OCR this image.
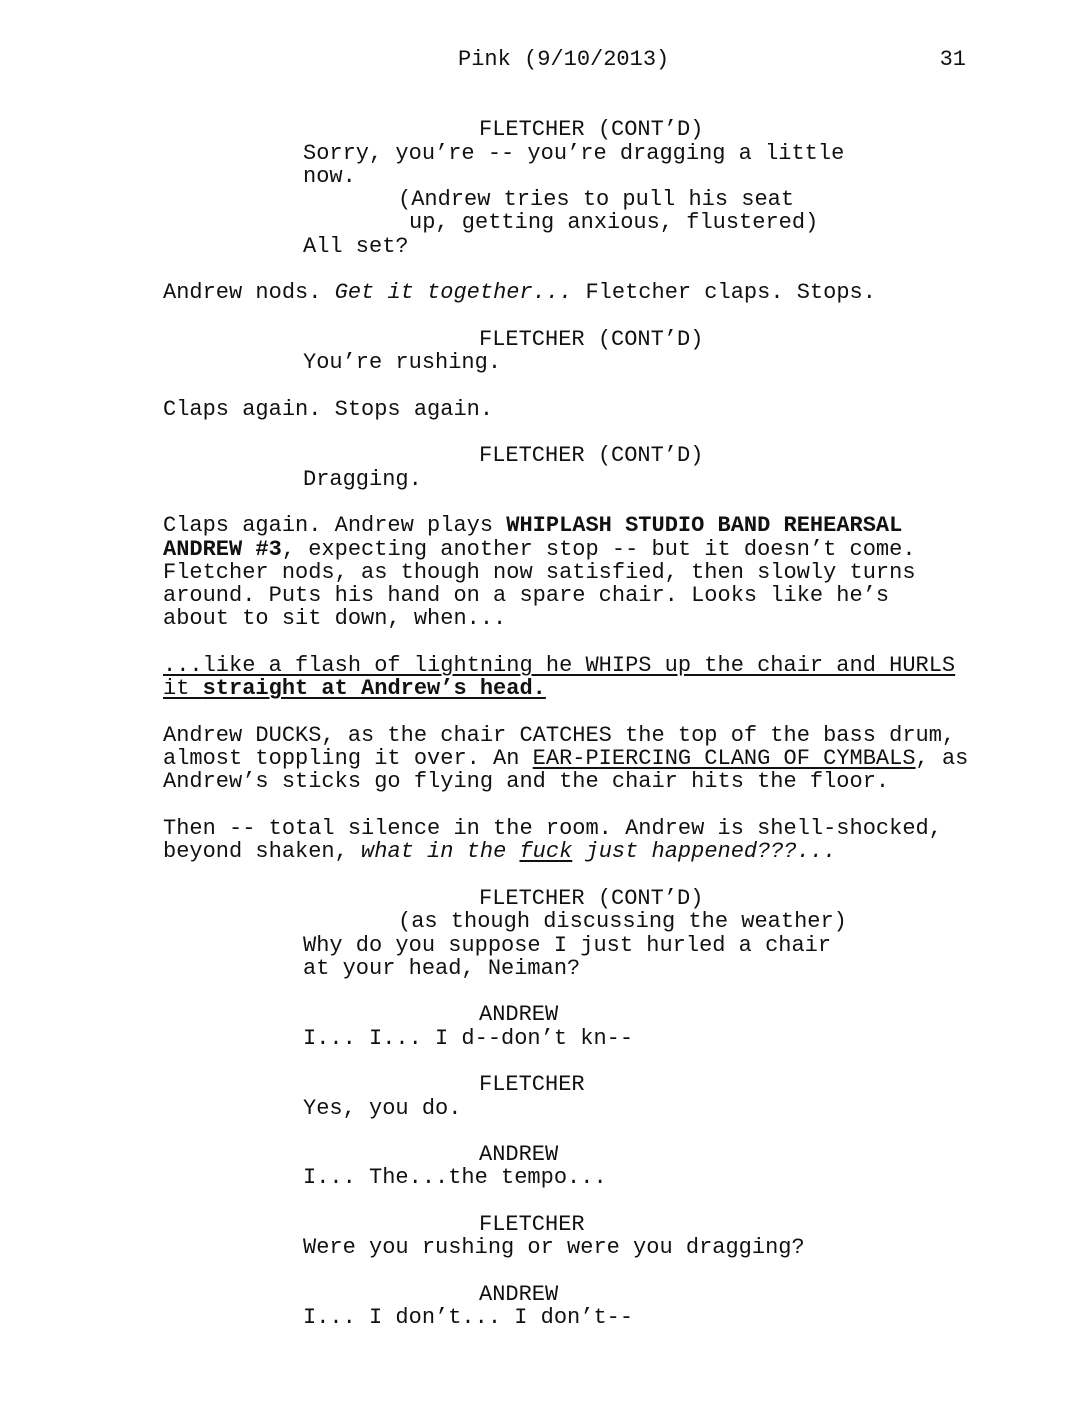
Pink (9/10/2013)	31
FLETCHER (CONT’D)
Sorry, you’re -- you’re dragging a little
now.
(Andrew tries to pull his seat
up, getting anxious, flustered)
All set?
Andrew nods. Get it together... Fletcher claps. Stops.
FLETCHER (CONT’D)
You’re rushing.
Claps again. Stops again.
FLETCHER (CONT’D)
Dragging.
Claps again. Andrew plays WHIPLASH STUDIO BAND REHEARSAL
ANDREW #3, expecting another stop -- but it doesn’t come.
Fletcher nods, as though now satisfied, then slowly turns
around. Puts his hand on a spare chair. Looks like he’s
about to sit down, when...
...like a flash of lightning he WHIPS up the chair and HURLS
it straight at Andrew’s head.
Andrew DUCKS, as the chair CATCHES the top of the bass drum,
almost toppling it over. An EAR-PIERCING CLANG OF CYMBALS, as
Andrew’s sticks go flying and the chair hits the floor.
Then -- total silence in the room. Andrew is shell-shocked,
beyond shaken, what in the fuck just happened???...
FLETCHER (CONT’D)
(as though discussing the weather)
Why do you suppose I just hurled a chair
at your head, Neiman?
ANDREW
I... I... I d--don’t kn--
FLETCHER
Yes, you do.
ANDREW
I... The...the tempo...
FLETCHER
Were you rushing or were you dragging?
ANDREW
I... I don’t... I don’t--
